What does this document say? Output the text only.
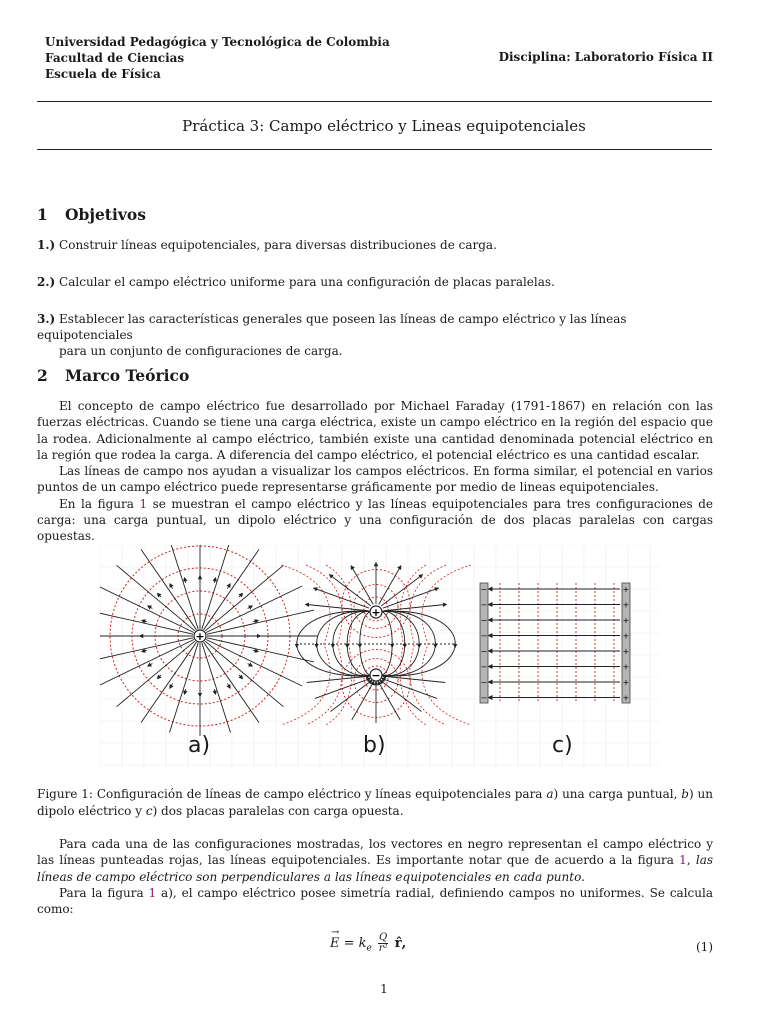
Universidad Pedagógica y Tecnológica de Colombia
Facultad de Ciencias
Escuela de Física
Disciplina: Laboratorio Física II
Práctica 3: Campo eléctrico y Lineas equipotenciales
1 Objetivos
1.) Construir líneas equipotenciales, para diversas distribuciones de carga.
2.) Calcular el campo eléctrico uniforme para una configuración de placas paralelas.
3.) Establecer las características generales que poseen las líneas de campo eléctrico y las líneas equipotenciales
para un conjunto de configuraciones de carga.
2 Marco Teórico

El concepto de campo eléctrico fue desarrollado por Michael Faraday (1791-1867) en relación con las fuerzas eléctricas. Cuando se tiene una carga eléctrica, existe un campo eléctrico en la región del espacio que la rodea. Adicionalmente al campo eléctrico, también existe una cantidad denominada potencial eléctrico en la región que rodea la carga. A diferencia del campo eléctrico, el potencial eléctrico es una cantidad escalar.

Las líneas de campo nos ayudan a visualizar los campos eléctricos. En forma similar, el potencial en varios puntos de un campo eléctrico puede representarse gráficamente por medio de lineas equipotenciales.

En la figura 1 se muestran el campo eléctrico y las líneas equipotenciales para tres configuraciones de carga: una carga puntual, un dipolo eléctrico y una configuración de dos placas paralelas con cargas opuestas.

−	+
−	+
−	+
−	+
−	+
−	+
−	+
−	+
+
+
−
a)	b)	c)
Figure 1: Configuración de líneas de campo eléctrico y líneas equipotenciales para a) una carga puntual, b) un dipolo eléctrico y c) dos placas paralelas con carga opuesta.

Para cada una de las configuraciones mostradas, los vectores en negro representan el campo eléctrico y las líneas punteadas rojas, las líneas equipotenciales. Es importante notar que de acuerdo a la figura 1, las líneas de campo eléctrico son perpendiculares a las líneas equipotenciales en cada punto.

Para la figura 1 a), el campo eléctrico posee simetría radial, definiendo campos no uniformes. Se calcula como:

→
$E = k_e \frac{Q}{\text{r²}}$ r̂,	(1)
1
